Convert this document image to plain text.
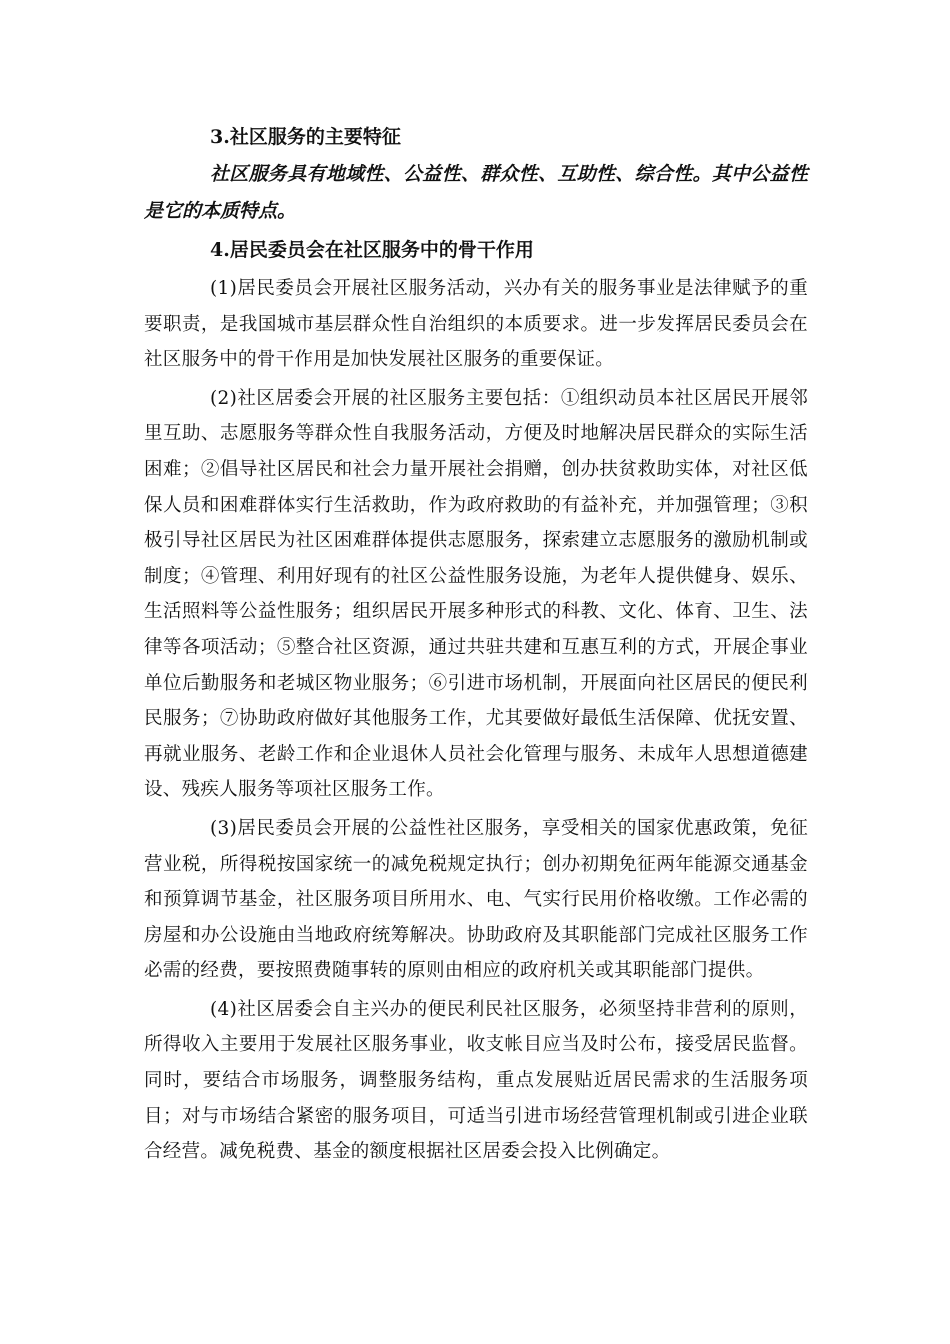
3.社区服务的主要特征

社区服务具有地域性、公益性、群众性、互助性、综合性。其中公益性是它的本质特点。

4.居民委员会在社区服务中的骨干作用

(1)居民委员会开展社区服务活动，兴办有关的服务事业是法律赋予的重要职责，是我国城市基层群众性自治组织的本质要求。进一步发挥居民委员会在社区服务中的骨干作用是加快发展社区服务的重要保证。

(2)社区居委会开展的社区服务主要包括：①组织动员本社区居民开展邻里互助、志愿服务等群众性自我服务活动，方便及时地解决居民群众的实际生活困难；②倡导社区居民和社会力量开展社会捐赠，创办扶贫救助实体，对社区低保人员和困难群体实行生活救助，作为政府救助的有益补充，并加强管理；③积极引导社区居民为社区困难群体提供志愿服务，探索建立志愿服务的激励机制或制度；④管理、利用好现有的社区公益性服务设施，为老年人提供健身、娱乐、生活照料等公益性服务；组织居民开展多种形式的科教、文化、体育、卫生、法律等各项活动；⑤整合社区资源，通过共驻共建和互惠互利的方式，开展企事业单位后勤服务和老城区物业服务；⑥引进市场机制，开展面向社区居民的便民利民服务；⑦协助政府做好其他服务工作，尤其要做好最低生活保障、优抚安置、再就业服务、老龄工作和企业退休人员社会化管理与服务、未成年人思想道德建设、残疾人服务等项社区服务工作。

(3)居民委员会开展的公益性社区服务，享受相关的国家优惠政策，免征营业税，所得税按国家统一的减免税规定执行；创办初期免征两年能源交通基金和预算调节基金，社区服务项目所用水、电、气实行民用价格收缴。工作必需的房屋和办公设施由当地政府统筹解决。协助政府及其职能部门完成社区服务工作必需的经费，要按照费随事转的原则由相应的政府机关或其职能部门提供。

(4)社区居委会自主兴办的便民利民社区服务，必须坚持非营利的原则，所得收入主要用于发展社区服务事业，收支帐目应当及时公布，接受居民监督。同时，要结合市场服务，调整服务结构，重点发展贴近居民需求的生活服务项目；对与市场结合紧密的服务项目，可适当引进市场经营管理机制或引进企业联合经营。减免税费、基金的额度根据社区居委会投入比例确定。
